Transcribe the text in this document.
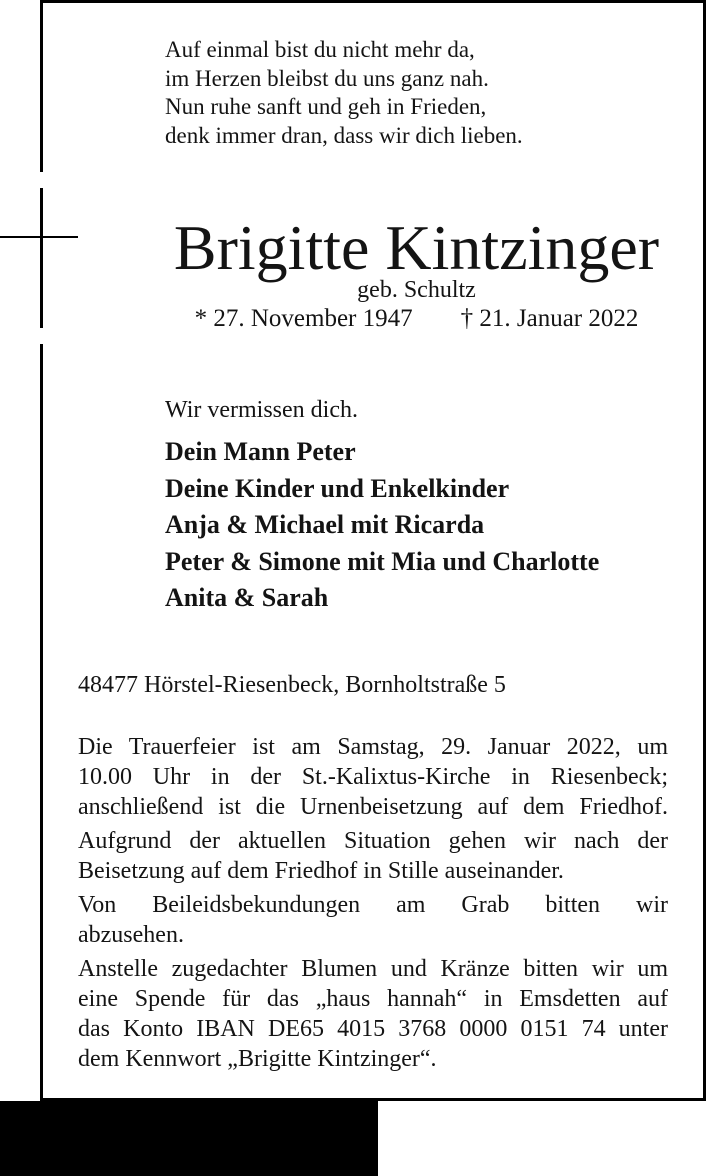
Auf einmal bist du nicht mehr da,
im Herzen bleibst du uns ganz nah.
Nun ruhe sanft und geh in Frieden,
denk immer dran, dass wir dich lieben.
Brigitte Kintzinger
geb. Schultz
* 27. November 1947 † 21. Januar 2022
Wir vermissen dich.
Dein Mann Peter
Deine Kinder und Enkelkinder
Anja & Michael mit Ricarda
Peter & Simone mit Mia und Charlotte
Anita & Sarah
48477 Hörstel-Riesenbeck, Bornholtstraße 5
Die Trauerfeier ist am Samstag, 29. Januar 2022, um
10.00 Uhr in der St.-Kalixtus-Kirche in Riesenbeck;
anschließend ist die Urnenbeisetzung auf dem Friedhof.
Aufgrund der aktuellen Situation gehen wir nach der
Beisetzung auf dem Friedhof in Stille auseinander.
Von Beileidsbekundungen am Grab bitten wir
abzusehen.
Anstelle zugedachter Blumen und Kränze bitten wir um
eine Spende für das „haus hannah“ in Emsdetten auf
das Konto IBAN DE65 4015 3768 0000 0151 74 unter
dem Kennwort „Brigitte Kintzinger“.
